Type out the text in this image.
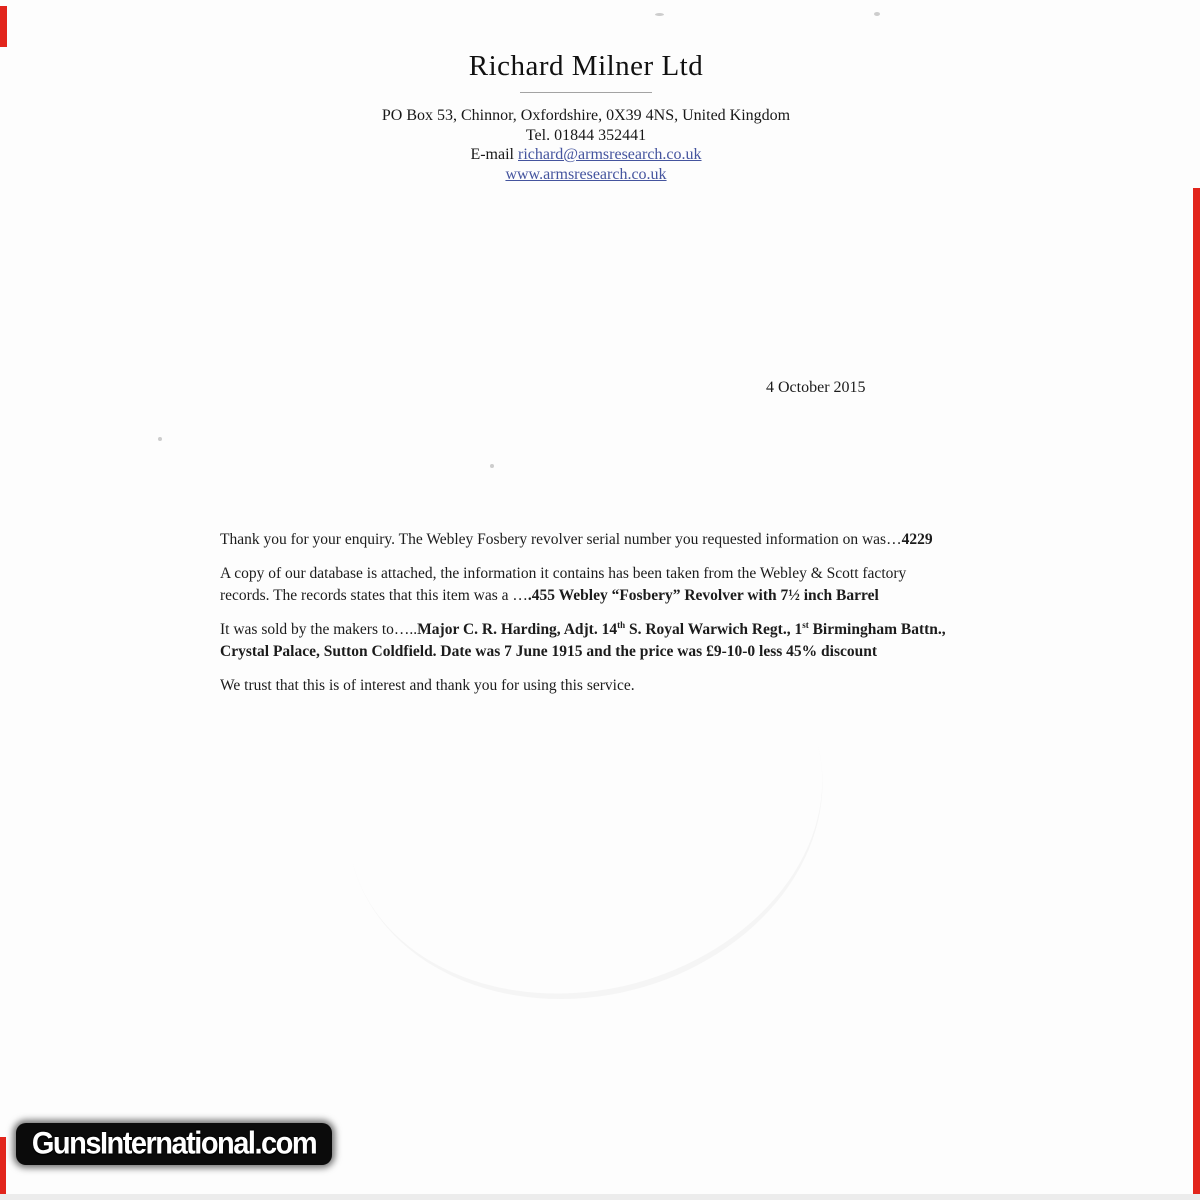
Richard Milner Ltd
PO Box 53, Chinnor, Oxfordshire, 0X39 4NS, United Kingdom
Tel. 01844 352441
E-mail richard@armsresearch.co.uk
www.armsresearch.co.uk
4 October 2015

Thank you for your enquiry. The Webley Fosbery revolver serial number you requested information on was…4229

A copy of our database is attached, the information it contains has been taken from the Webley & Scott factory records. The records states that this item was a ….455 Webley “Fosbery” Revolver with 7½ inch Barrel

It was sold by the makers to…..Major C. R. Harding, Adjt. 14th S. Royal Warwich Regt., 1st Birmingham Battn., Crystal Palace, Sutton Coldfield. Date was 7 June 1915 and the price was £9-10-0 less 45% discount

We trust that this is of interest and thank you for using this service.

GunsInternational.com
